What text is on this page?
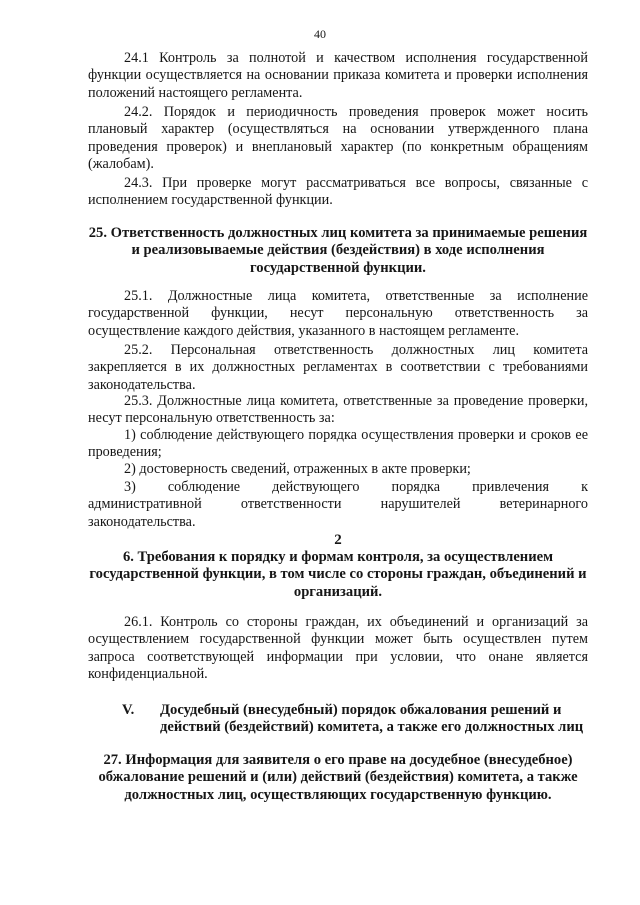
40

24.1 Контроль за полнотой и качеством исполнения государственной функции осуществляется на основании приказа комитета и проверки исполнения положений настоящего регламента.

24.2. Порядок и периодичность проведения проверок может носить плановый характер (осуществляться на основании утвержденного плана проведения проверок) и внеплановый характер (по конкретным обращениям (жалобам).

24.3. При проверке могут рассматриваться все вопросы, связанные с исполнением государственной функции.

25. Ответственность должностных лиц комитета за принимаемые решения и реализовываемые действия (бездействия) в ходе исполнения государственной функции.

25.1. Должностные лица комитета, ответственные за исполнение государственной функции, несут персональную ответственность за осуществление каждого действия, указанного в настоящем регламенте.

25.2. Персональная ответственность должностных лиц комитета закрепляется в их должностных регламентах в соответствии с требованиями законодательства.

25.3. Должностные лица комитета, ответственные за проведение проверки, несут персональную ответственность за:

1) соблюдение действующего порядка осуществления проверки и сроков ее проведения;

2) достоверность сведений, отраженных в акте проверки;

3) соблюдение действующего порядка привлечения к
административной ответственности нарушителей ветеринарного
законодательства.

2

6. Требования к порядку и формам контроля, за осуществлением государственной функции, в том числе со стороны граждан, объединений и организаций.

26.1. Контроль со стороны граждан, их объединений и организаций за осуществлением государственной функции может быть осуществлен путем запроса соответствующей информации при условии, что онане является конфиденциальной.

V. Досудебный (внесудебный) порядок обжалования решений и
действий (бездействий) комитета, а также его должностных лиц

27. Информация для заявителя о его праве на досудебное (внесудебное) обжалование решений и (или) действий (бездействия) комитета, а также должностных лиц, осуществляющих государственную функцию.
